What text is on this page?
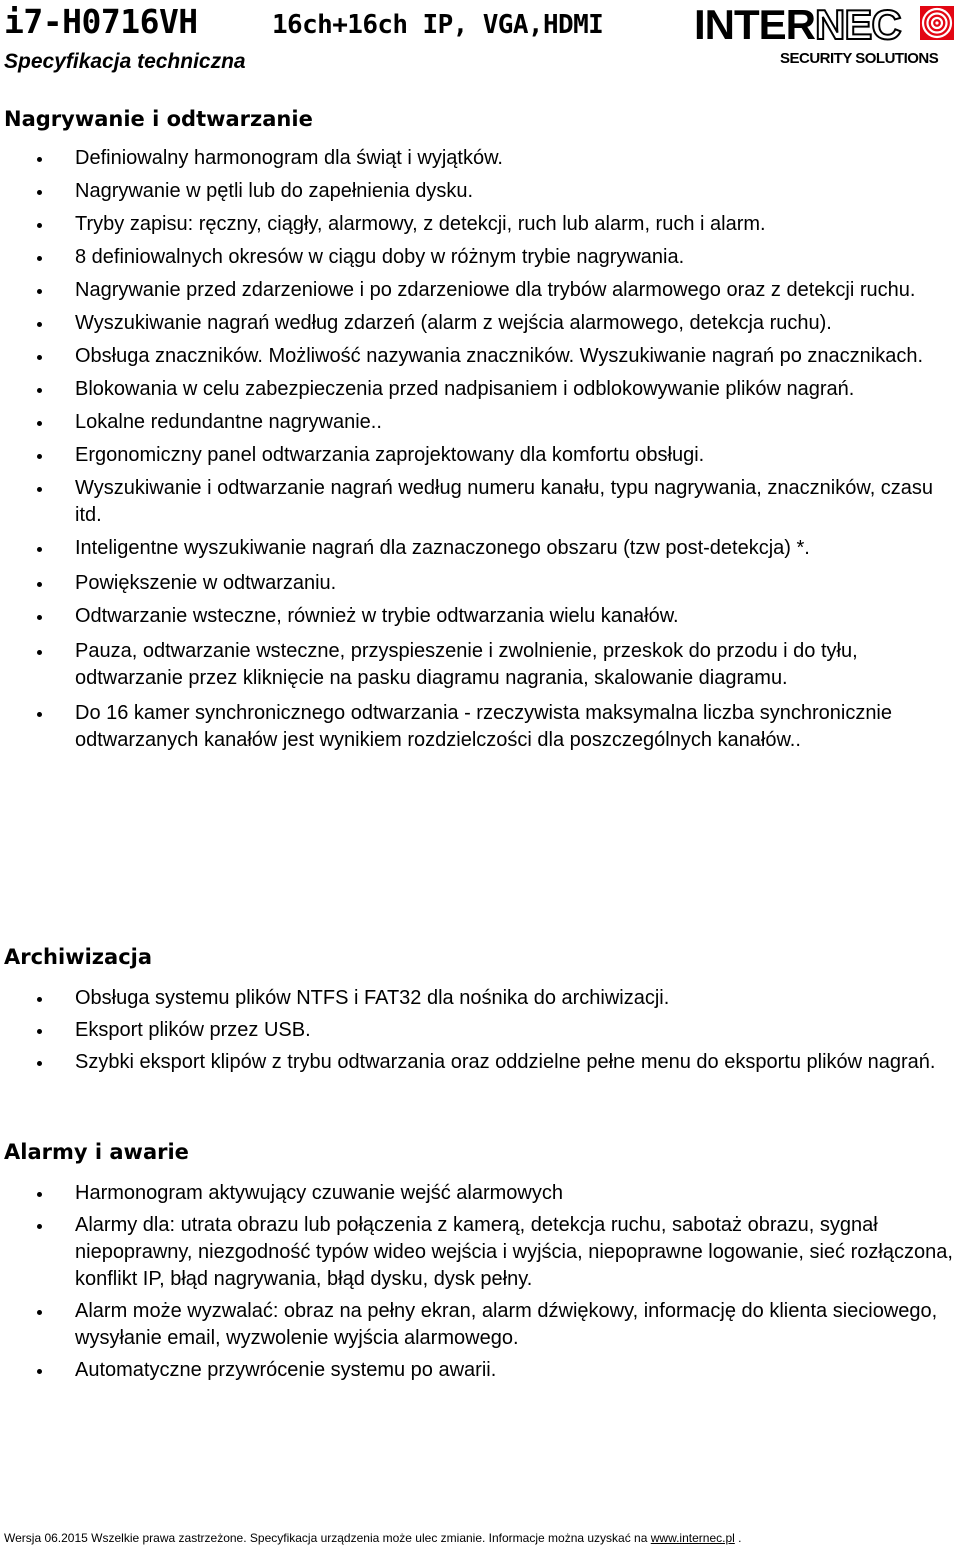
i7-H0716VH	16ch+16ch IP, VGA,HDMI
Specyfikacja techniczna
INTERNEC
SECURITY SOLUTIONS
Nagrywanie i odtwarzanie
Definiowalny harmonogram dla świąt i wyjątków.
Nagrywanie w pętli lub do zapełnienia dysku.
Tryby zapisu: ręczny, ciągły, alarmowy, z detekcji, ruch lub alarm, ruch i alarm.
8 definiowalnych okresów w ciągu doby w różnym trybie nagrywania.
Nagrywanie przed zdarzeniowe i po zdarzeniowe dla trybów alarmowego oraz z detekcji ruchu.
Wyszukiwanie nagrań według zdarzeń (alarm z wejścia alarmowego, detekcja ruchu).
Obsługa znaczników. Możliwość nazywania znaczników. Wyszukiwanie nagrań po znacznikach.
Blokowania w celu zabezpieczenia przed nadpisaniem i odblokowywanie plików nagrań.
Lokalne redundantne nagrywanie..
Ergonomiczny panel odtwarzania zaprojektowany dla komfortu obsługi.
Wyszukiwanie i odtwarzanie nagrań według numeru kanału, typu nagrywania, znaczników, czasu itd.
Inteligentne wyszukiwanie nagrań dla zaznaczonego obszaru (tzw post-detekcja) *.
Powiększenie w odtwarzaniu.
Odtwarzanie wsteczne, również w trybie odtwarzania wielu kanałów.
Pauza, odtwarzanie wsteczne, przyspieszenie i zwolnienie, przeskok do przodu i do tyłu, odtwarzanie przez kliknięcie na pasku diagramu nagrania, skalowanie diagramu.
Do 16 kamer synchronicznego odtwarzania - rzeczywista maksymalna liczba synchronicznie odtwarzanych kanałów jest wynikiem rozdzielczości dla poszczególnych kanałów..
Archiwizacja
Obsługa systemu plików NTFS i FAT32 dla nośnika do archiwizacji.
Eksport plików przez USB.
Szybki eksport klipów z trybu odtwarzania oraz oddzielne pełne menu do eksportu plików nagrań.
Alarmy i awarie
Harmonogram aktywujący czuwanie wejść alarmowych
Alarmy dla: utrata obrazu lub połączenia z kamerą, detekcja ruchu, sabotaż obrazu, sygnał niepoprawny, niezgodność typów wideo wejścia i wyjścia, niepoprawne logowanie, sieć rozłączona, konflikt IP, błąd nagrywania, błąd dysku, dysk pełny.
Alarm może wyzwalać: obraz na pełny ekran, alarm dźwiękowy, informację do klienta sieciowego, wysyłanie email, wyzwolenie wyjścia alarmowego.
Automatyczne przywrócenie systemu po awarii.
Wersja 06.2015 Wszelkie prawa zastrzeżone. Specyfikacja urządzenia może ulec zmianie. Informacje można uzyskać na www.internec.pl .
